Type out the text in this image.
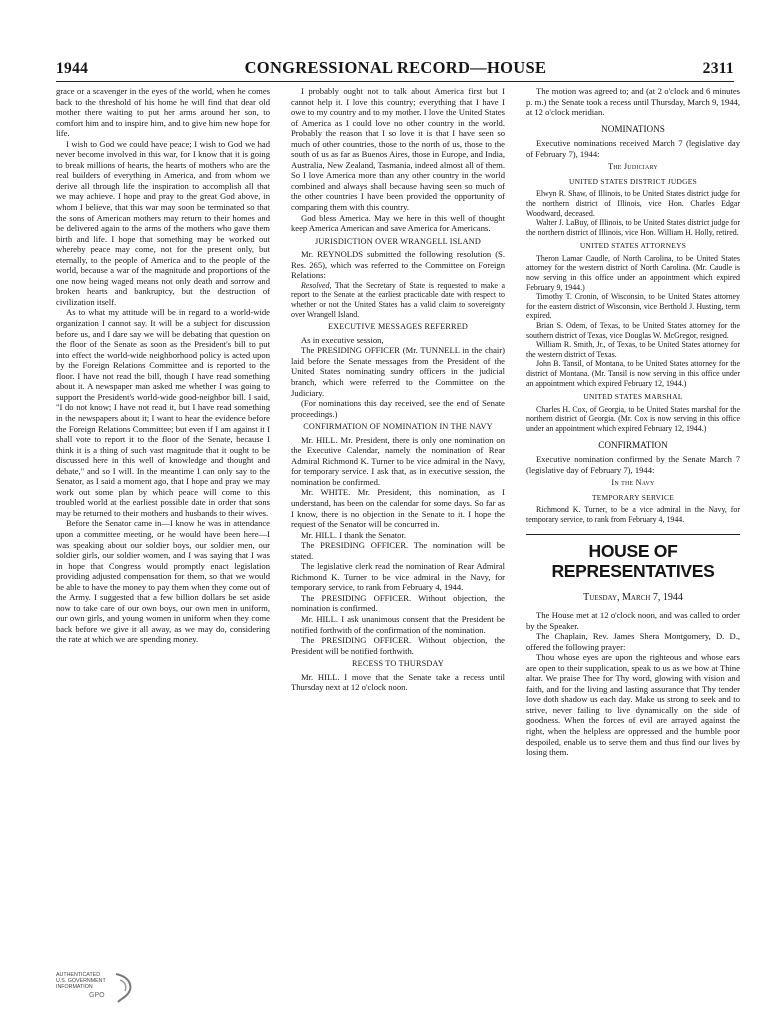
1944	CONGRESSIONAL RECORD—HOUSE	2311

grace or a scavenger in the eyes of the world, when he comes back to the threshold of his home he will find that dear old mother there waiting to put her arms around her son, to comfort him and to inspire him, and to give him new hope for life.

I wish to God we could have peace; I wish to God we had never become involved in this war, for I know that it is going to break millions of hearts, the hearts of mothers who are the real builders of everything in America, and from whom we derive all through life the inspiration to accomplish all that we may achieve. I hope and pray to the great God above, in whom I believe, that this war may soon be terminated so that the sons of American mothers may return to their homes and be delivered again to the arms of the mothers who gave them birth and life. I hope that something may be worked out whereby peace may come, not for the present only, but eternally, to the people of America and to the people of the world, because a war of the magnitude and proportions of the one now being waged means not only death and sorrow and broken hearts and bankruptcy, but the destruction of civilization itself.

As to what my attitude will be in regard to a world-wide organization I cannot say. It will be a subject for discussion before us, and I dare say we will be debating that question on the floor of the Senate as soon as the President's bill to put into effect the world-wide neighborhood policy is acted upon by the Foreign Relations Committee and is reported to the floor. I have not read the bill, though I have read something about it. A newspaper man asked me whether I was going to support the President's world-wide good-neighbor bill. I said, "I do not know; I have not read it, but I have read something in the newspapers about it; I want to hear the evidence before the Foreign Relations Committee; but even if I am against it I shall vote to report it to the floor of the Senate, because I think it is a thing of such vast magnitude that it ought to be discussed here in this well of knowledge and thought and debate," and so I will. In the meantime I can only say to the Senator, as I said a moment ago, that I hope and pray we may work out some plan by which peace will come to this troubled world at the earliest possible date in order that sons may be returned to their mothers and husbands to their wives.

Before the Senator came in—I know he was in attendance upon a committee meeting, or he would have been here—I was speaking about our soldier boys, our soldier men, our soldier girls, our soldier women, and I was saying that I was in hope that Congress would promptly enact legislation providing adjusted compensation for them, so that we would be able to have the money to pay them when they come out of the Army. I suggested that a few billion dollars be set aside now to take care of our own boys, our own men in uniform, our own girls, and young women in uniform when they come back before we give it all away, as we may do, considering the rate at which we are spending money.

I probably ought not to talk about America first but I cannot help it. I love this country; everything that I have I owe to my country and to my mother. I love the United States of America as I could love no other country in the world. Probably the reason that I so love it is that I have seen so much of other countries, those to the north of us, those to the south of us as far as Buenos Aires, those in Europe, and India, Australia, New Zealand, Tasmania, indeed almost all of them. So I love America more than any other country in the world combined and always shall because having seen so much of the other countries I have been provided the opportunity of comparing them with this country.

God bless America. May we here in this well of thought keep America American and save America for Americans.

JURISDICTION OVER WRANGELL ISLAND

Mr. REYNOLDS submitted the following resolution (S. Res. 265), which was referred to the Committee on Foreign Relations:

Resolved, That the Secretary of State is requested to make a report to the Senate at the earliest practicable date with respect to whether or not the United States has a valid claim to sovereignty over Wrangell Island.

EXECUTIVE MESSAGES REFERRED

As in executive session,

The PRESIDING OFFICER (Mr. TUNNELL in the chair) laid before the Senate messages from the President of the United States nominating sundry officers in the judicial branch, which were referred to the Committee on the Judiciary.

(For nominations this day received, see the end of Senate proceedings.)

CONFIRMATION OF NOMINATION IN THE NAVY

Mr. HILL. Mr. President, there is only one nomination on the Executive Calendar, namely the nomination of Rear Admiral Richmond K. Turner to be vice admiral in the Navy, for temporary service. I ask that, as in executive session, the nomination be confirmed.

Mr. WHITE. Mr. President, this nomination, as I understand, has been on the calendar for some days. So far as I know, there is no objection in the Senate to it. I hope the request of the Senator will be concurred in.

Mr. HILL. I thank the Senator.

The PRESIDING OFFICER. The nomination will be stated.

The legislative clerk read the nomination of Rear Admiral Richmond K. Turner to be vice admiral in the Navy, for temporary service, to rank from February 4, 1944.

The PRESIDING OFFICER. Without objection, the nomination is confirmed.

Mr. HILL. I ask unanimous consent that the President be notified forthwith of the confirmation of the nomination.

The PRESIDING OFFICER. Without objection, the President will be notified forthwith.

RECESS TO THURSDAY

Mr. HILL. I move that the Senate take a recess until Thursday next at 12 o'clock noon.

The motion was agreed to; and (at 2 o'clock and 6 minutes p. m.) the Senate took a recess until Thursday, March 9, 1944, at 12 o'clock meridian.

NOMINATIONS

Executive nominations received March 7 (legislative day of February 7), 1944:

The Judiciary
UNITED STATES DISTRICT JUDGES

Elwyn R. Shaw, of Illinois, to be United States district judge for the northern district of Illinois, vice Hon. Charles Edgar Woodward, deceased.

Walter J. LaBuy, of Illinois, to be United States district judge for the northern district of Illinois, vice Hon. William H. Holly, retired.

UNITED STATES ATTORNEYS

Theron Lamar Caudle, of North Carolina, to be United States attorney for the western district of North Carolina. (Mr. Caudle is now serving in this office under an appointment which expired February 9, 1944.)

Timothy T. Cronin, of Wisconsin, to be United States attorney for the eastern district of Wisconsin, vice Berthold J. Husting, term expired.

Brian S. Odem, of Texas, to be United States attorney for the southern district of Texas, vice Douglas W. McGregor, resigned.

William R. Smith, Jr., of Texas, to be United States attorney for the western district of Texas.

John B. Tansil, of Montana, to be United States attorney for the district of Montana. (Mr. Tansil is now serving in this office under an appointment which expired February 12, 1944.)

UNITED STATES MARSHAL

Charles H. Cox, of Georgia, to be United States marshal for the northern district of Georgia. (Mr. Cox is now serving in this office under an appointment which expired February 12, 1944.)

CONFIRMATION

Executive nomination confirmed by the Senate March 7 (legislative day of February 7), 1944:

In the Navy
TEMPORARY SERVICE

Richmond K. Turner, to be a vice admiral in the Navy, for temporary service, to rank from February 4, 1944.

HOUSE OF REPRESENTATIVES
Tuesday, March 7, 1944

The House met at 12 o'clock noon, and was called to order by the Speaker.

The Chaplain, Rev. James Shera Montgomery, D. D., offered the following prayer:

Thou whose eyes are upon the righteous and whose ears are open to their supplication, speak to us as we bow at Thine altar. We praise Thee for Thy word, glowing with vision and faith, and for the living and lasting assurance that Thy tender love doth shadow us each day. Make us strong to seek and to strive, never failing to live dynamically on the side of goodness. When the forces of evil are arrayed against the right, when the helpless are oppressed and the humble poor despoiled, enable us to serve them and thus find our lives by losing them.

AUTHENTICATED
U.S. GOVERNMENT
INFORMATION
GPO
